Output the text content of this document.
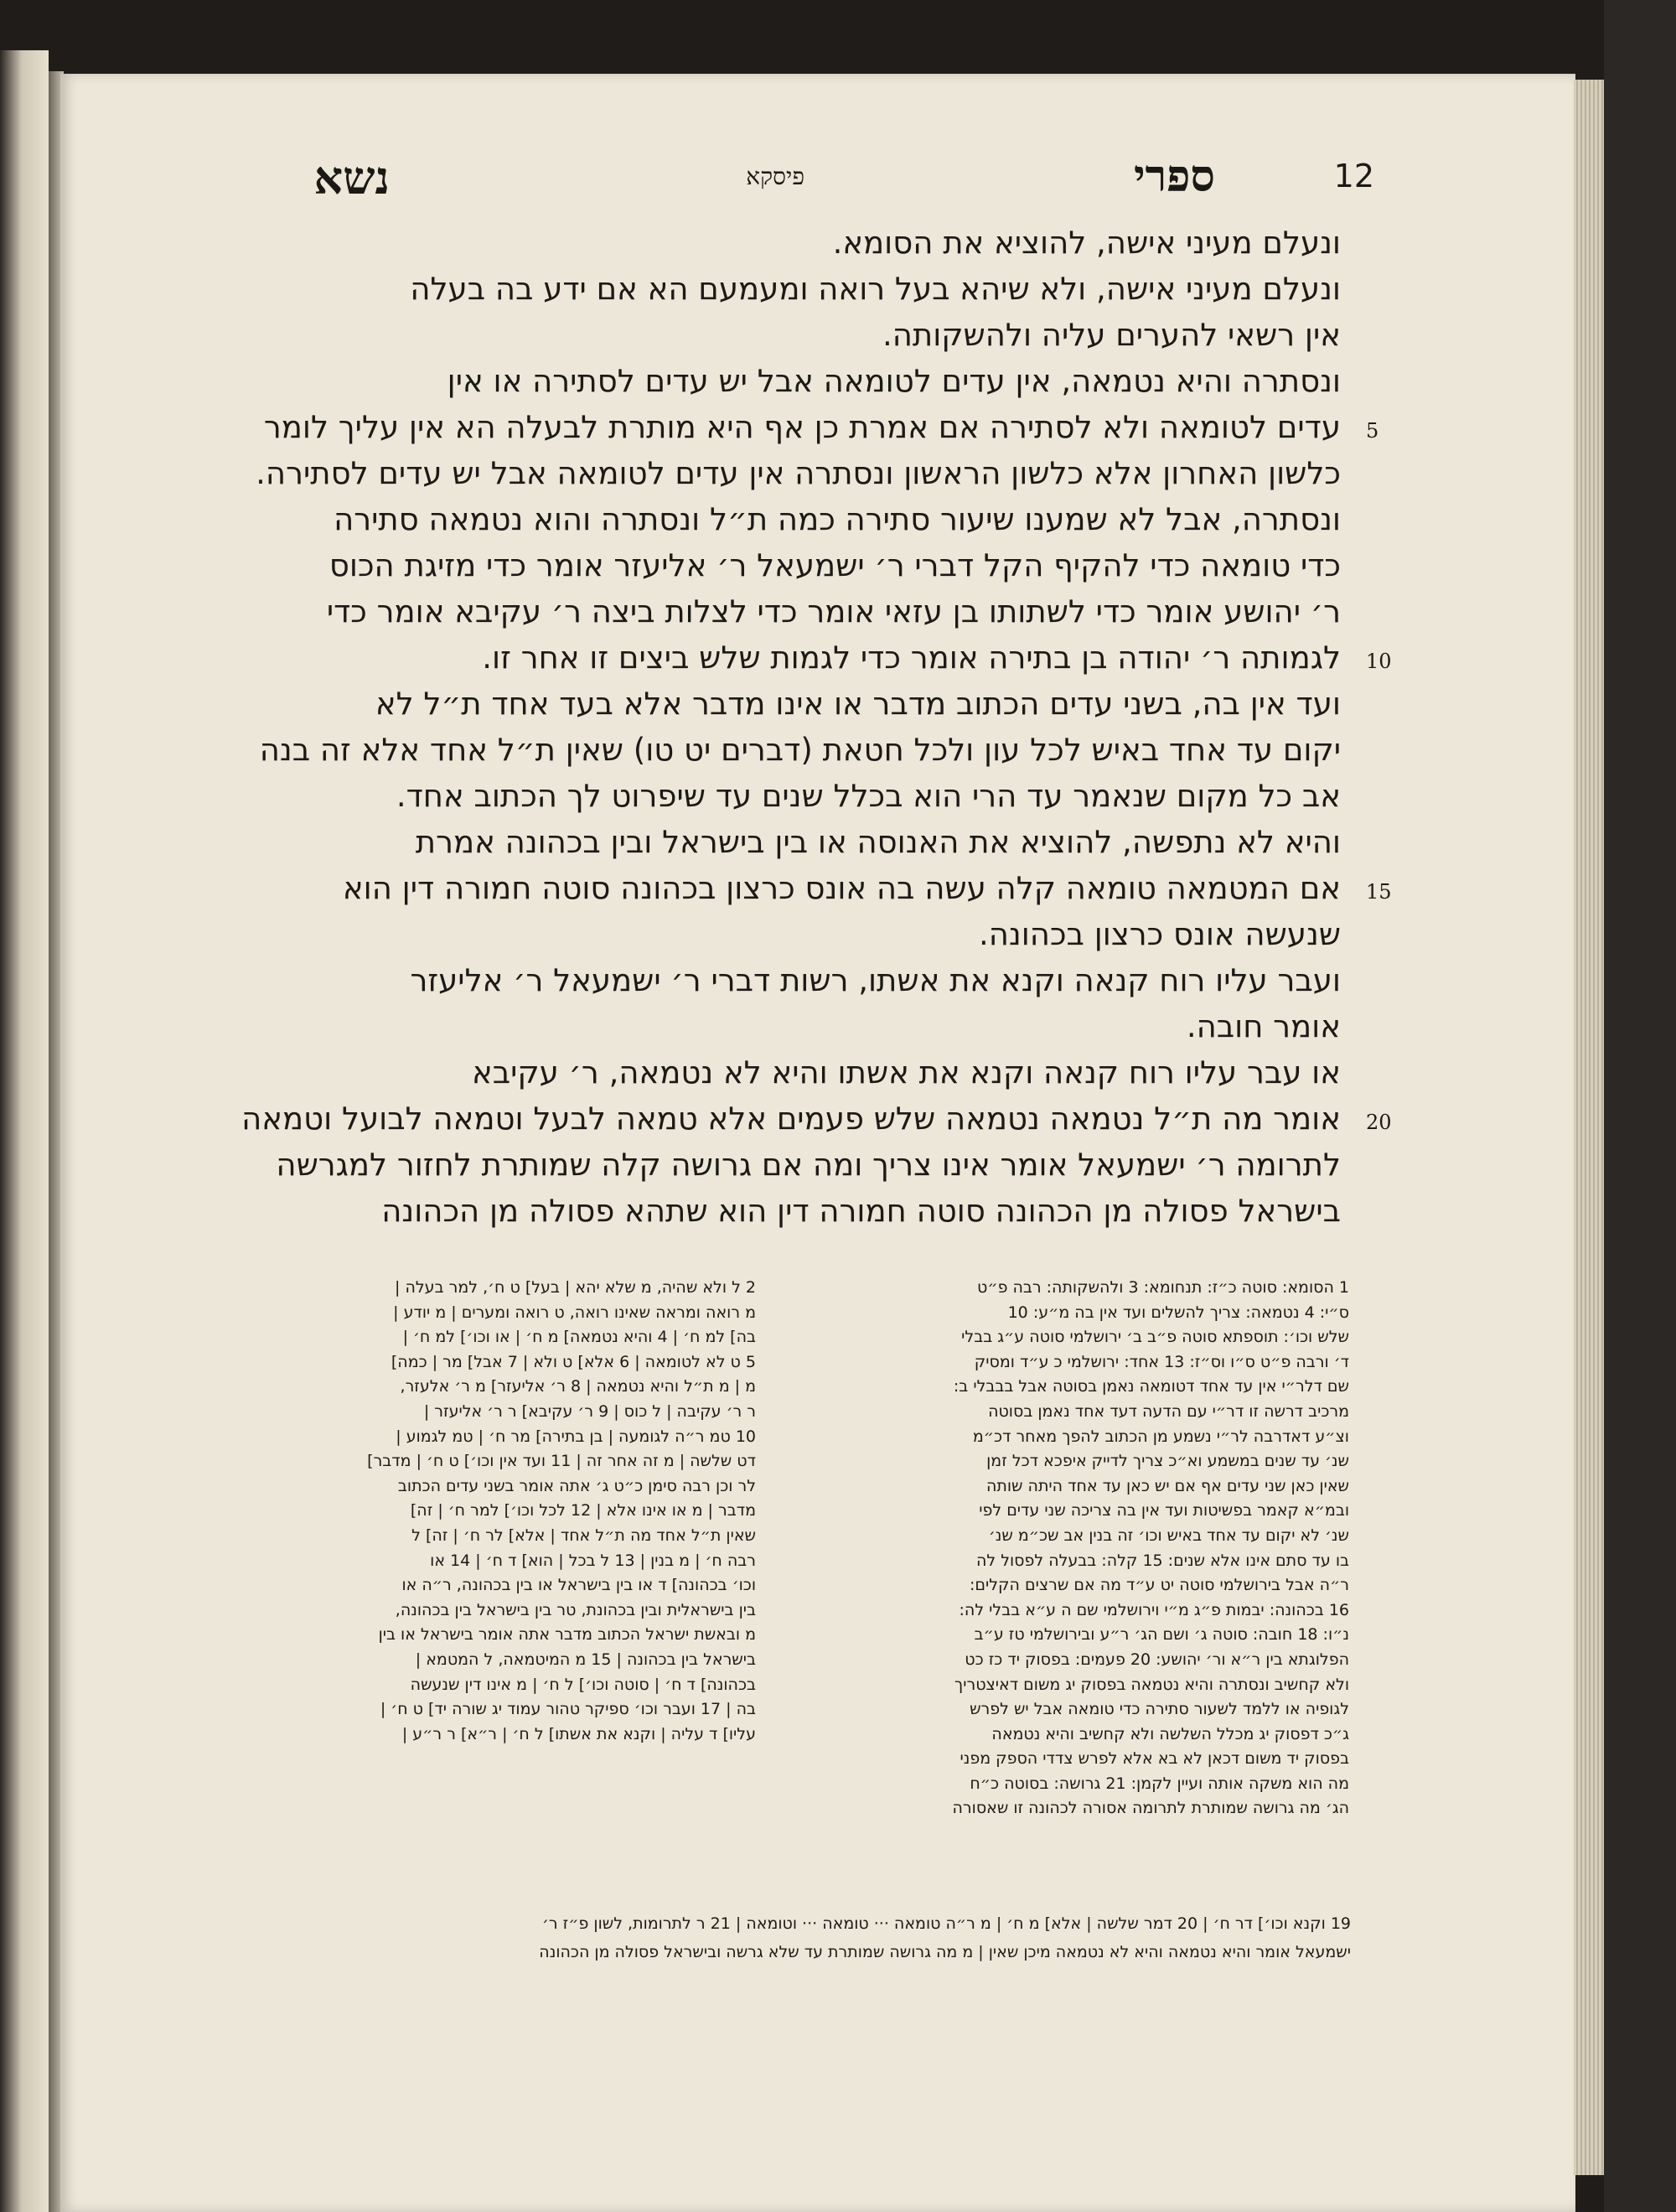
12
ספרי
פיסקא
נשא
ונעלם מעיני אישה, להוציא את הסומא.
ונעלם מעיני אישה, ולא שיהא בעל רואה ומעמעם הא אם ידע בה בעלה
אין רשאי להערים עליה ולהשקותה.
ונסתרה והיא נטמאה, אין עדים לטומאה אבל יש עדים לסתירה או אין
עדים לטומאה ולא לסתירה אם אמרת כן אף היא מותרת לבעלה הא אין עליך לומר
כלשון האחרון אלא כלשון הראשון ונסתרה אין עדים לטומאה אבל יש עדים לסתירה.
ונסתרה, אבל לא שמענו שיעור סתירה כמה ת״ל ונסתרה והוא נטמאה סתירה
כדי טומאה כדי להקיף הקל דברי ר׳ ישמעאל ר׳ אליעזר אומר כדי מזיגת הכוס
ר׳ יהושע אומר כדי לשתותו בן עזאי אומר כדי לצלות ביצה ר׳ עקיבא אומר כדי
לגמותה ר׳ יהודה בן בתירה אומר כדי לגמות שלש ביצים זו אחר זו.
ועד אין בה, בשני עדים הכתוב מדבר או אינו מדבר אלא בעד אחד ת״ל לא
יקום עד אחד באיש לכל עון ולכל חטאת (דברים יט טו) שאין ת״ל אחד אלא זה בנה
אב כל מקום שנאמר עד הרי הוא בכלל שנים עד שיפרוט לך הכתוב אחד.
והיא לא נתפשה, להוציא את האנוסה או בין בישראל ובין בכהונה אמרת
אם המטמאה טומאה קלה עשה בה אונס כרצון בכהונה סוטה חמורה דין הוא
שנעשה אונס כרצון בכהונה.
ועבר עליו רוח קנאה וקנא את אשתו, רשות דברי ר׳ ישמעאל ר׳ אליעזר
אומר חובה.
או עבר עליו רוח קנאה וקנא את אשתו והיא לא נטמאה, ר׳ עקיבא
אומר מה ת״ל נטמאה נטמאה שלש פעמים אלא טמאה לבעל וטמאה לבועל וטמאה
לתרומה ר׳ ישמעאל אומר אינו צריך ומה אם גרושה קלה שמותרת לחזור למגרשה
בישראל פסולה מן הכהונה סוטה חמורה דין הוא שתהא פסולה מן הכהונה
5
10
15
20
1 הסומא: סוטה כ״ז: תנחומא: 3 ולהשקותה: רבה פ״ט
ס״י: 4 נטמאה: צריך להשלים ועד אין בה מ״ע: 10
שלש וכו׳: תוספתא סוטה פ״ב ב׳ ירושלמי סוטה ע״ג בבלי
ד׳ ורבה פ״ט ס״ו וס״ז: 13 אחד: ירושלמי כ ע״ד ומסיק
שם דלר״י אין עד אחד דטומאה נאמן בסוטה אבל בבבלי ב:
מרכיב דרשה זו דר״י עם הדעה דעד אחד נאמן בסוטה
וצ״ע דאדרבה לר״י נשמע מן הכתוב להפך מאחר דכ״מ
שנ׳ עד שנים במשמע וא״כ צריך לדייק איפכא דכל זמן
שאין כאן שני עדים אף אם יש כאן עד אחד היתה שותה
ובמ״א קאמר בפשיטות ועד אין בה צריכה שני עדים לפי
שנ׳ לא יקום עד אחד באיש וכו׳ זה בנין אב שכ״מ שנ׳
בו עד סתם אינו אלא שנים: 15 קלה: בבעלה לפסול לה
ר״ה אבל בירושלמי סוטה יט ע״ד מה אם שרצים הקלים:
16 בכהונה: יבמות פ״ג מ״י וירושלמי שם ה ע״א בבלי לה:
נ״ו: 18 חובה: סוטה ג׳ ושם הג׳ ר״ע ובירושלמי טז ע״ב
הפלוגתא בין ר״א ור׳ יהושע: 20 פעמים: בפסוק יד כז כט
ולא קחשיב ונסתרה והיא נטמאה בפסוק יג משום דאיצטריך
לגופיה או ללמד לשעור סתירה כדי טומאה אבל יש לפרש
ג״כ דפסוק יג מכלל השלשה ולא קחשיב והיא נטמאה
בפסוק יד משום דכאן לא בא אלא לפרש צדדי הספק מפני
מה הוא משקה אותה ועיין לקמן: 21 גרושה: בסוטה כ״ח
הג׳ מה גרושה שמותרת לתרומה אסורה לכהונה זו שאסורה
2 ל ולא שהיה, מ שלא יהא | בעל] ט ח׳, למר בעלה |
מ רואה ומראה שאינו רואה, ט רואה ומערים | מ יודע |
בה] למ ח׳ | 4 והיא נטמאה] מ ח׳ | או וכו׳] למ ח׳ |
5 ט לא לטומאה | 6 אלא] ט ולא | 7 אבל] מר | כמה]
מ | מ ת״ל והיא נטמאה | 8 ר׳ אליעזר] מ ר׳ אלעזר,
ר ר׳ עקיבה | ל כוס | 9 ר׳ עקיבא] ר ר׳ אליעזר |
10 טמ ר״ה לגומעה | בן בתירה] מר ח׳ | טמ לגמוע |
דט שלשה | מ זה אחר זה | 11 ועד אין וכו׳] ט ח׳ | מדבר]
לר וכן רבה סימן כ״ט ג׳ אתה אומר בשני עדים הכתוב
מדבר | מ או אינו אלא | 12 לכל וכו׳] למר ח׳ | זה]
שאין ת״ל אחד מה ת״ל אחד | אלא] לר ח׳ | זה] ל
רבה ח׳ | מ בנין | 13 ל בכל | הוא] ד ח׳ | 14 או
וכו׳ בכהונה] ד או בין בישראל או בין בכהונה, ר״ה או
בין בישראלית ובין בכהונת, טר בין בישראל בין בכהונה,
מ ובאשת ישראל הכתוב מדבר אתה אומר בישראל או בין
בישראל בין בכהונה | 15 מ המיטמאה, ל המטמא |
בכהונה] ד ח׳ | סוטה וכו׳] ל ח׳ | מ אינו דין שנעשה
בה | 17 ועבר וכו׳ ספיקר טהור עמוד יג שורה יד] ט ח׳ |
עליו] ד עליה | וקנא את אשתו] ל ח׳ | ר״א] ר ר״ע |
19 וקנא וכו׳] דר ח׳ | 20 דמר שלשה | אלא] מ ח׳ | מ ר״ה טומאה ··· טומאה ··· וטומאה | 21 ר לתרומות, לשון פ״ז ר׳
ישמעאל אומר והיא נטמאה והיא לא נטמאה מיכן שאין | מ מה גרושה שמותרת עד שלא גרשה ובישראל פסולה מן הכהונה
